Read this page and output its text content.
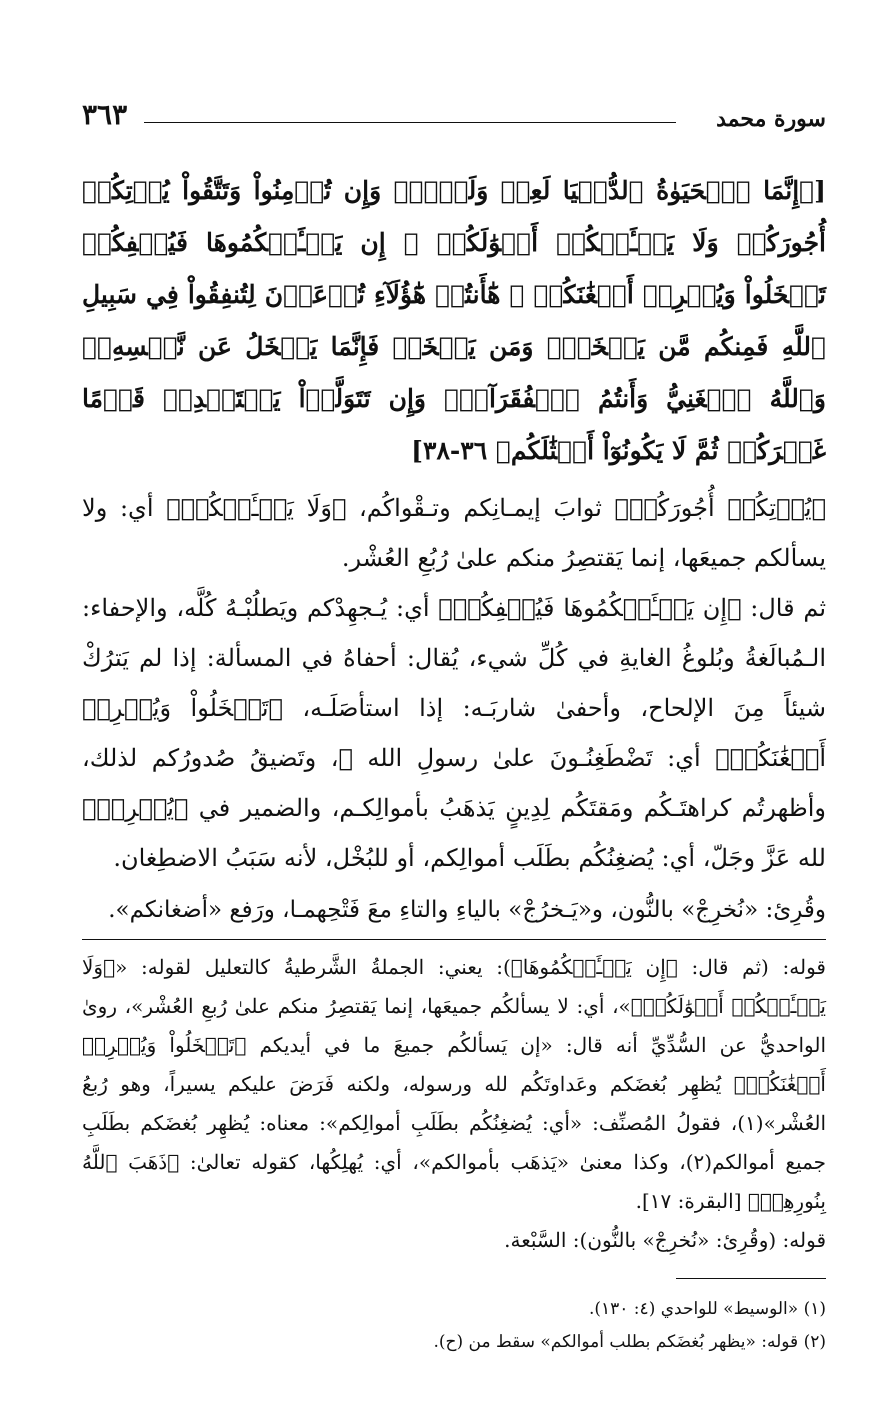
٣٦٣	سورة محمد

[﴿إِنَّمَا ٱلۡحَيَوٰةُ ٱلدُّنۡيَا لَعِبٞ وَلَهۡوٞۚ وَإِن تُؤۡمِنُواْ وَتَتَّقُواْ يُؤۡتِكُمۡ أُجُورَكُمۡ وَلَا يَسۡـَٔلۡكُمۡ أَمۡوَٰلَكُمۡ ۞ إِن يَسۡـَٔلۡكُمُوهَا فَيُحۡفِكُمۡ تَبۡخَلُواْ وَيُخۡرِجۡ أَضۡغَٰنَكُمۡ ۞ هَٰٓأَنتُمۡ هَٰٓؤُلَآءِ تُدۡعَوۡنَ لِتُنفِقُواْ فِي سَبِيلِ ٱللَّهِ فَمِنكُم مَّن يَبۡخَلُۖ وَمَن يَبۡخَلۡ فَإِنَّمَا يَبۡخَلُ عَن نَّفۡسِهِۦۚ وَٱللَّهُ ٱلۡغَنِيُّ وَأَنتُمُ ٱلۡفُقَرَآءُۚ وَإِن تَتَوَلَّوۡاْ يَسۡتَبۡدِلۡ قَوۡمًا غَيۡرَكُمۡ ثُمَّ لَا يَكُونُوٓاْ أَمۡثَٰلَكُم﴾ ٣٦-٣٨]

﴿يُؤۡتِكُمۡ أُجُورَكُمۡ﴾ ثوابَ إيمـانِكم وتـقْواكُم، ﴿وَلَا يَسۡـَٔلۡكُمۡ﴾ أي: ولا يسألكم جميعَها، إنما يَقتصِرُ منكم علىٰ رُبُعِ العُشْر.

ثم قال: ﴿إِن يَسۡـَٔلۡكُمُوهَا فَيُحۡفِكُمۡ﴾ أي: يُـجهِدْكم ويَطلُبْـهُ كُلَّه، والإحفاء: الـمُبالَغةُ وبُلوغُ الغايةِ في كُلِّ شيء، يُقال: أحفاهُ في المسألة: إذا لم يَترُكْ شيئاً مِنَ الإلحاح، وأحفىٰ شاربَـه: إذا استأصَلَـه، ﴿تَبۡخَلُواْ وَيُخۡرِجۡ أَضۡغَٰنَكُمۡ﴾ أي: تَضْطَغِنُـونَ علىٰ رسولِ الله ﷺ، وتَضيقُ صُدورُكم لذلك، وأظهرتُم كراهتَـكُم ومَقتَكُم لِدِينٍ يَذهَبُ بأموالِكـم، والضمير في ﴿يُخۡرِجۡ﴾ لله عَزَّ وجَلّ، أي: يُضغِنُكُم بطَلَب أموالِكم، أو للبُخْل، لأنه سَبَبُ الاضطِغان.

وقُرِئ: «نُخرِجْ» بالنُّون، و«يَـخرُجْ» بالياءِ والتاءِ معَ فَتْحِهمـا، ورَفع «أضغانكم».

قوله: (ثم قال: ﴿إِن يَسۡـَٔلۡكُمُوهَا﴾): يعني: الجملةُ الشَّرطيةُ كالتعليل لقوله: «﴿وَلَا يَسۡـَٔلۡكُمۡ أَمۡوَٰلَكُمۡ﴾»، أي: لا يسألكُم جميعَها، إنما يَقتصِرُ منكم علىٰ رُبعِ العُشْر»، روىٰ الواحديُّ عن السُّدِّيِّ أنه قال: «إن يَسألكُم جميعَ ما في أيديكم ﴿تَبۡخَلُواْ وَيُخۡرِجۡ أَضۡغَٰنَكُمۡ﴾ يُظهِر بُغضَكم وعَداوتَكُم لله ورسوله، ولكنه فَرَضَ عليكم يسيراً، وهو رُبعُ العُشْر»(١)، فقولُ المُصنِّف: «أي: يُضغِنُكُم بطَلَبِ أموالِكم»: معناه: يُظهِر بُغضَكم بطَلَبِ جميع أموالكم(٢)، وكذا معنىٰ «يَذهَب بأموالكم»، أي: يُهلِكُها، كقوله تعالىٰ: ﴿ذَهَبَ ٱللَّهُ بِنُورِهِمۡ﴾ [البقرة: ١٧].

قوله: (وقُرِئ: «نُخرِجْ» بالنُّون): السَّبْعة.

(١) «الوسيط» للواحدي (٤: ١٣٠).

(٢) قوله: «يظهر بُغضَكم بطلب أموالكم» سقط من (ح).
